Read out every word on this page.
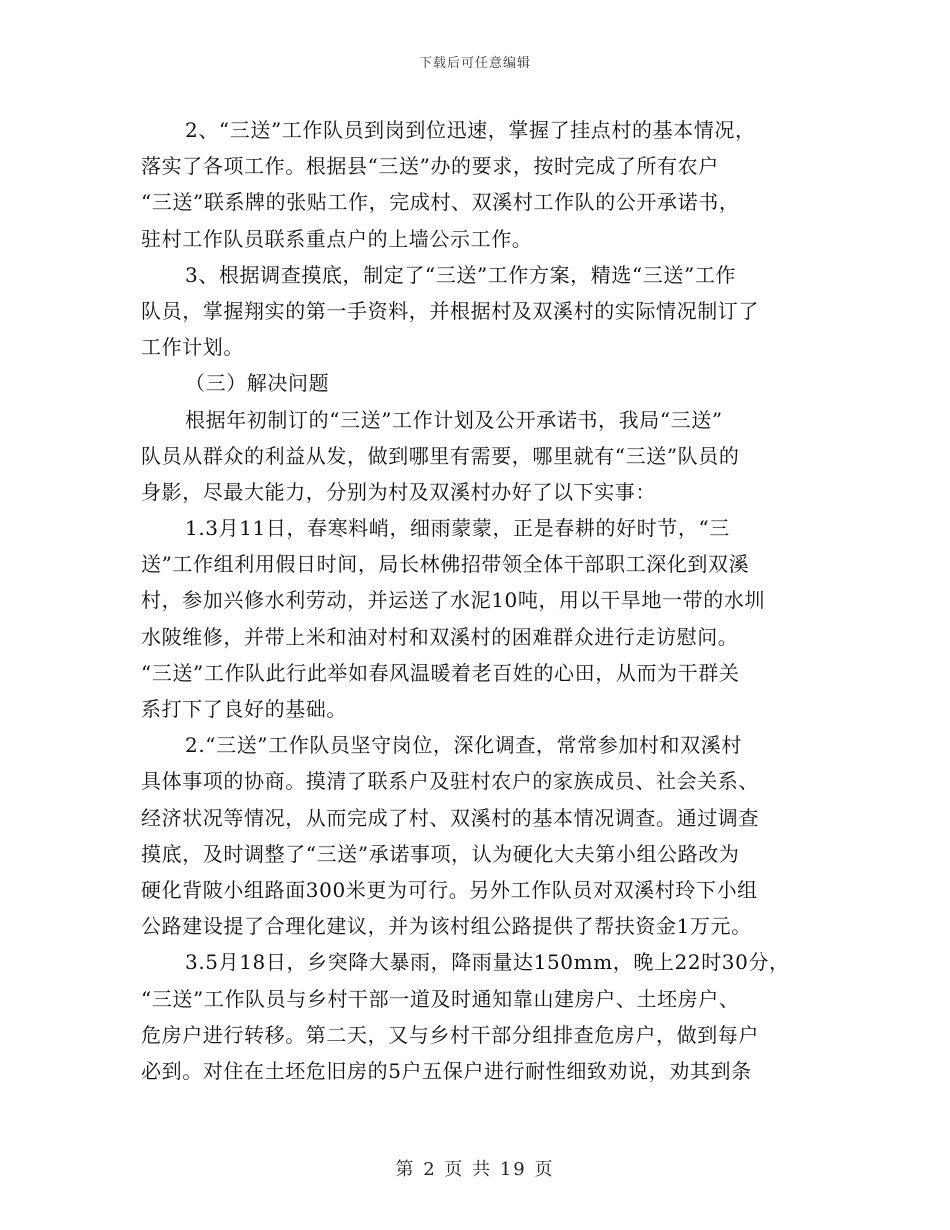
下载后可任意编辑
2、“三送”工作队员到岗到位迅速，掌握了挂点村的基本情况，
落实了各项工作。根据县“三送”办的要求，按时完成了所有农户
“三送”联系牌的张贴工作，完成村、双溪村工作队的公开承诺书，
驻村工作队员联系重点户的上墙公示工作。
3、根据调查摸底，制定了“三送”工作方案，精选“三送”工作
队员，掌握翔实的第一手资料，并根据村及双溪村的实际情况制订了
工作计划。
（三）解决问题
根据年初制订的“三送”工作计划及公开承诺书，我局“三送”
队员从群众的利益从发，做到哪里有需要，哪里就有“三送”队员的
身影，尽最大能力，分别为村及双溪村办好了以下实事：
1.3月11日，春寒料峭，细雨蒙蒙，正是春耕的好时节，“三
送”工作组利用假日时间，局长林佛招带领全体干部职工深化到双溪
村，参加兴修水利劳动，并运送了水泥10吨，用以干旱地一带的水圳
水陂维修，并带上米和油对村和双溪村的困难群众进行走访慰问。
“三送”工作队此行此举如春风温暖着老百姓的心田，从而为干群关
系打下了良好的基础。
2.“三送”工作队员坚守岗位，深化调查，常常参加村和双溪村
具体事项的协商。摸清了联系户及驻村农户的家族成员、社会关系、
经济状况等情况，从而完成了村、双溪村的基本情况调查。通过调查
摸底，及时调整了“三送”承诺事项，认为硬化大夫第小组公路改为
硬化背陂小组路面300米更为可行。另外工作队员对双溪村玲下小组
公路建设提了合理化建议，并为该村组公路提供了帮扶资金1万元。
3.5月18日，乡突降大暴雨，降雨量达150mm，晚上22时30分，
“三送”工作队员与乡村干部一道及时通知靠山建房户、土坯房户、
危房户进行转移。第二天，又与乡村干部分组排查危房户，做到每户
必到。对住在土坯危旧房的5户五保户进行耐性细致劝说，劝其到条
第 2 页 共 19 页
